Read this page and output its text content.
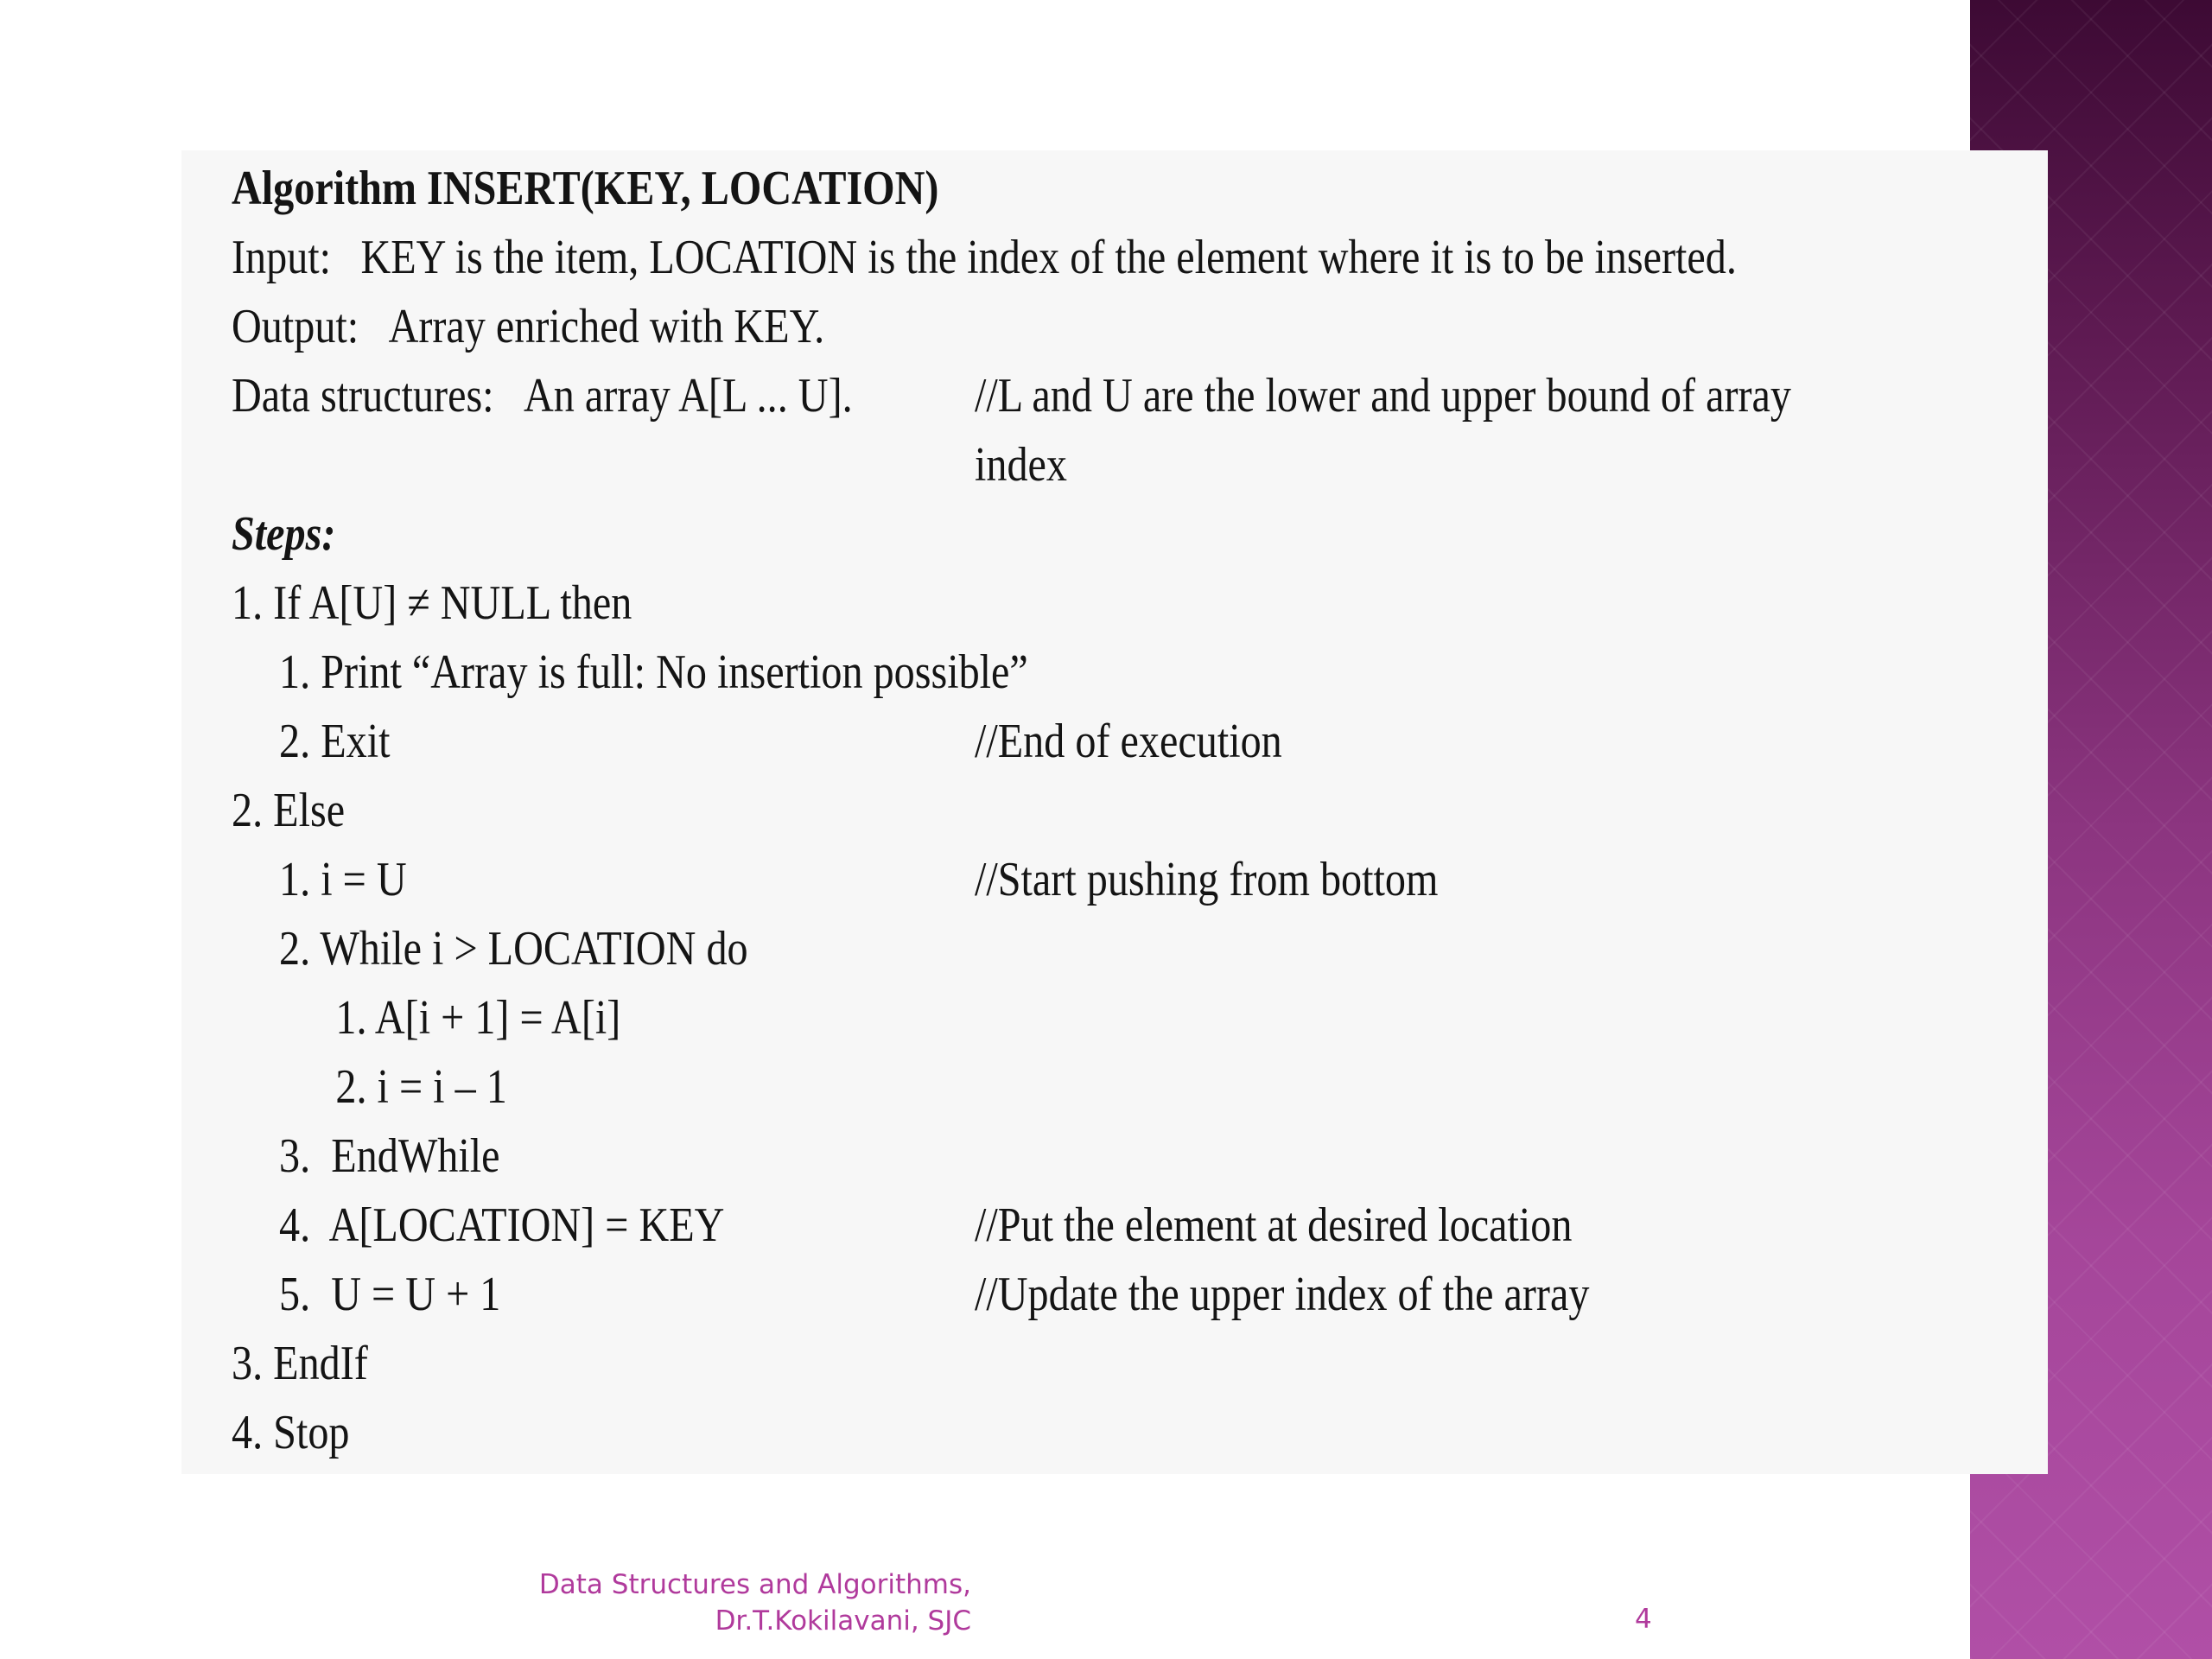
Algorithm INSERT(KEY, LOCATION)
Input: KEY is the item, LOCATION is the index of the element where it is to be inserted.
Output: Array enriched with KEY.
Data structures: An array A[L ... U].	//L and U are the lower and upper bound of array
index
Steps:
1. If A[U] ≠ NULL then
1. Print “Array is full: No insertion possible”
2. Exit	//End of execution
2. Else
1. i = U	//Start pushing from bottom
2. While i > LOCATION do
1. A[i + 1] = A[i]
2. i = i – 1
3.  EndWhile
4.  A[LOCATION] = KEY	//Put the element at desired location
5.  U = U + 1	//Update the upper index of the array
3. EndIf
4. Stop
Data Structures and Algorithms,
Dr.T.Kokilavani, SJC	4
